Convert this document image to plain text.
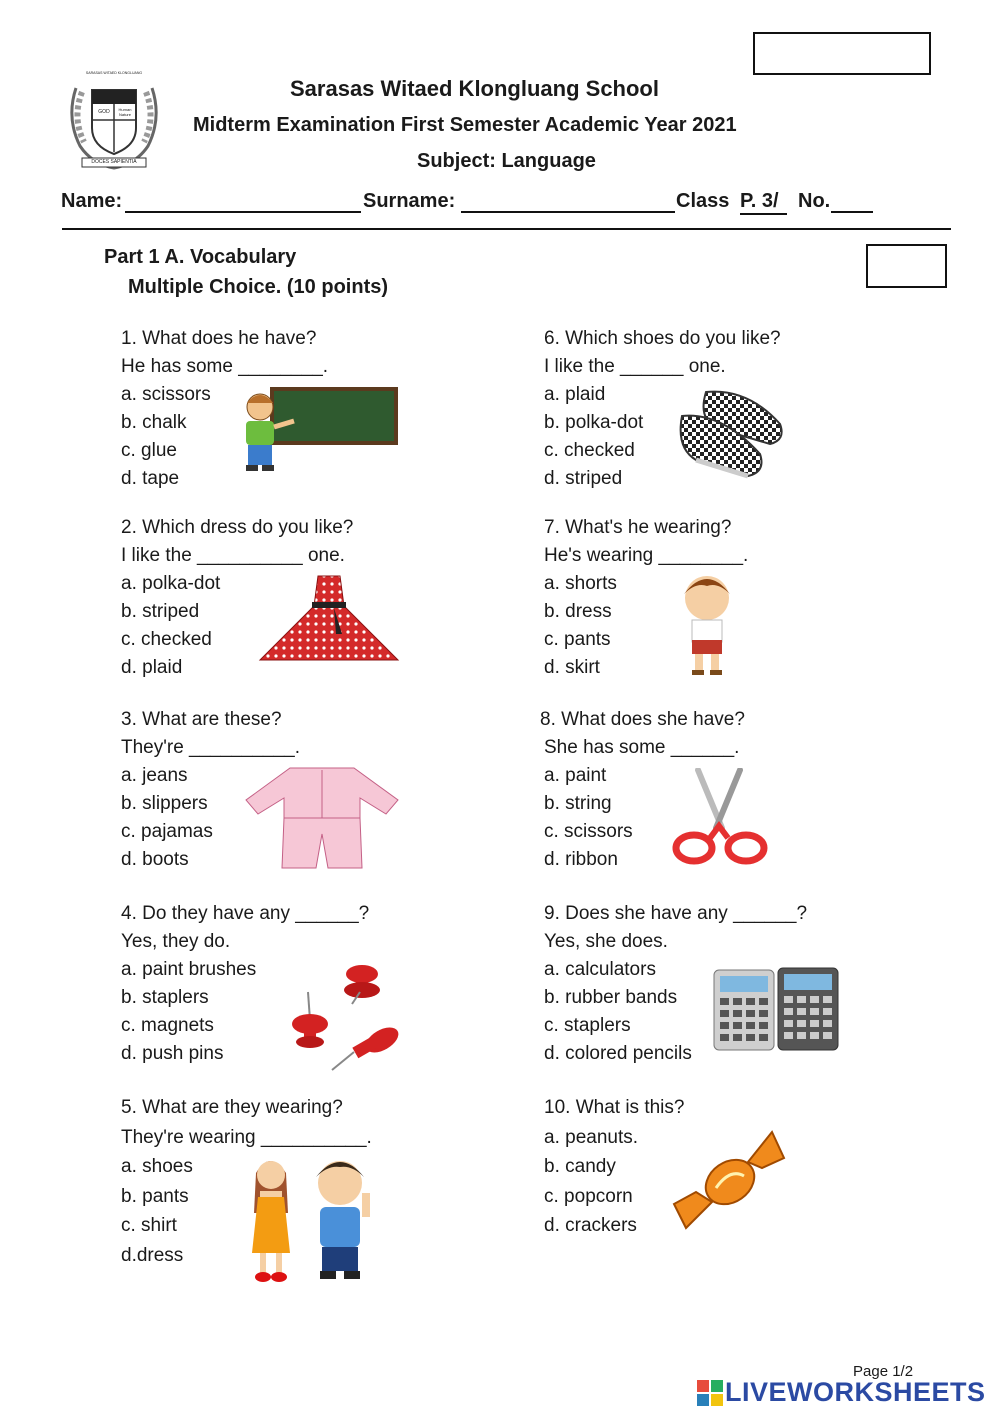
SARASAS WITAED KLONGLUANG
GOD	Human Nature
DOCES SAPIENTIA
Sarasas Witaed Klongluang School
Midterm Examination First Semester Academic Year 2021
Subject: Language
Name:	Surname:	Class P. 3/ No.
Part 1 A. Vocabulary
Multiple Choice. (10 points)
1. What does he have?
He has some ________.
a. scissors
b. chalk
c. glue
d. tape
2. Which dress do you like?
I like the __________ one.
a. polka-dot
b. striped
c. checked
d. plaid
3. What are these?
They're __________.
a. jeans
b. slippers
c. pajamas
d. boots
4. Do they have any ______?
Yes, they do.
a. paint brushes
b. staplers
c. magnets
d. push pins
5. What are they wearing?
They're wearing __________.
a. shoes
b. pants
c. shirt
d.dress
6. Which shoes do you like?
I like the ______ one.
a. plaid
b. polka-dot
c. checked
d. striped
7. What's he wearing?
He's wearing ________.
a. shorts
b. dress
c. pants
d. skirt
8. What does she have?
She has some ______.
a. paint
b. string
c. scissors
d. ribbon
9. Does she have any ______?
Yes, she does.
a. calculators
b. rubber bands
c. staplers
d. colored pencils
10. What is this?
a. peanuts.
b. candy
c. popcorn
d. crackers
Page 1/2
LIVE WORKSHEETS
